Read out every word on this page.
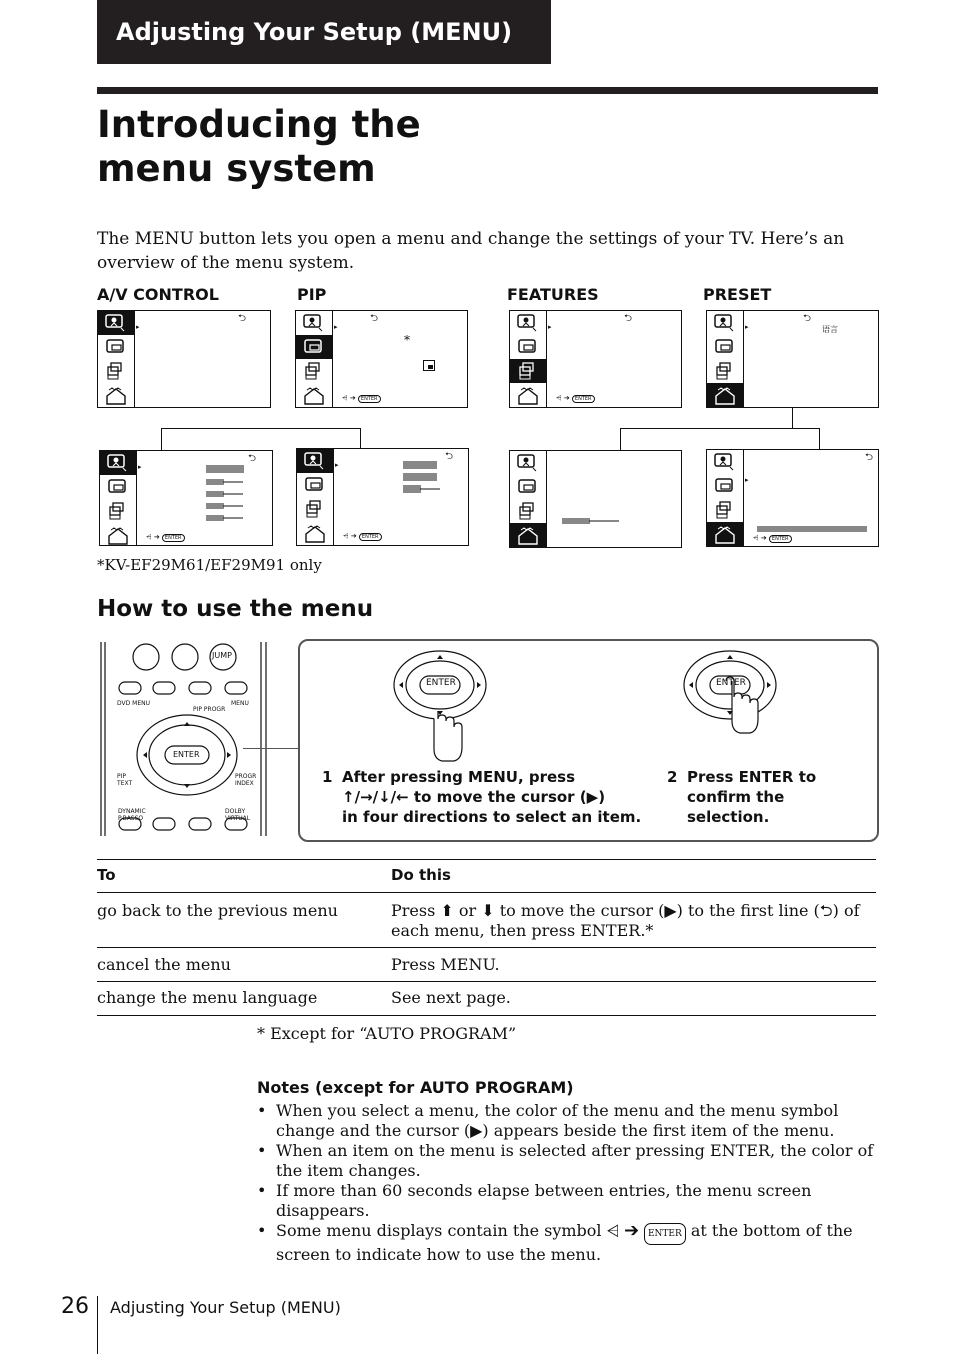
Adjusting Your Setup (MENU)
Introducing the
menu system
The MENU button lets you open a menu and change the settings of your TV. Here’s an overview of the menu system.
A/V CONTROL	PIP	FEATURES	PRESET
▸
⮌
▸
⮌
*
⩤ ➔ ENTER
▸
⮌
⩤ ➔ ENTER
▸
⮌
语言
▸
⮌
⩤ ➔ ENTER
▸
⮌
⩤ ➔ ENTER
▸
⮌
⩤ ➔ ENTER
*KV-EF29M61/EF29M91 only
How to use the menu
JUMP
DVD MENU	MENU
PIP PROGR
ENTER
PIP
TEXT
PROGR
INDEX
DYNAMIC
P.BASSO
DOLBY
VIRTUAL
ENTER	ENTER
1 After pressing MENU, press
↑/→/↓/← to move the cursor (▶)
in four directions to select an item.
2 Press ENTER to
confirm the
selection.
To	Do this
go back to the previous menu	Press ⬆ or ⬇ to move the cursor (▶) to the first line (⮌) of each menu, then press ENTER.*
cancel the menu	Press MENU.
change the menu language	See next page.
* Except for “AUTO PROGRAM”
Notes (except for AUTO PROGRAM)
• When you select a menu, the color of the menu and the menu symbol change and the cursor (▶) appears beside the first item of the menu.
• When an item on the menu is selected after pressing ENTER, the color of the item changes.
• If more than 60 seconds elapse between entries, the menu screen disappears.
• Some menu displays contain the symbol ⩤ ➔ ENTER at the bottom of the screen to indicate how to use the menu.
26 Adjusting Your Setup (MENU)
